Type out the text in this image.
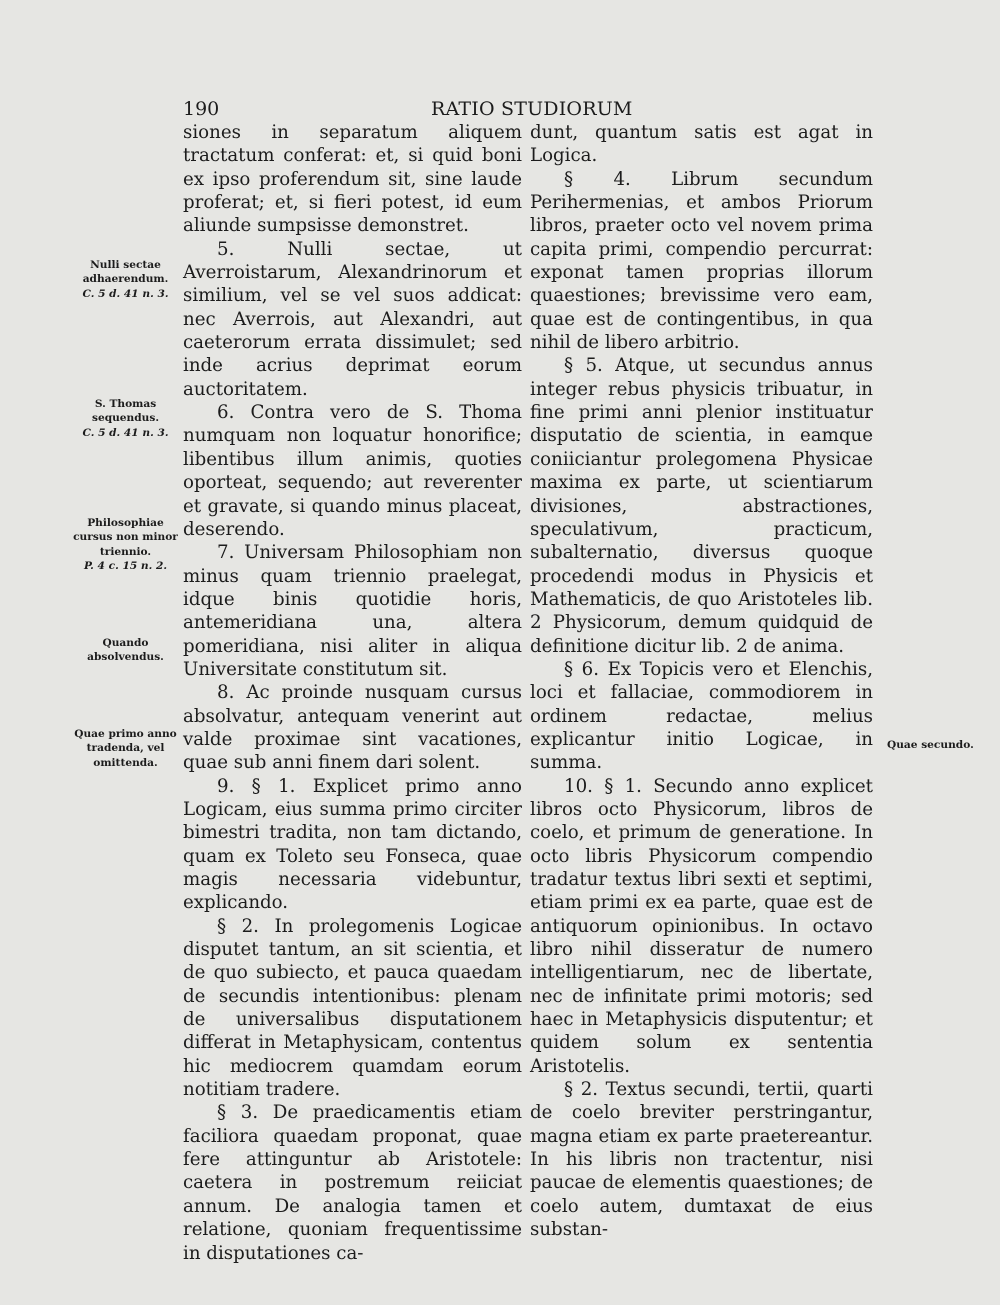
190	RATIO STUDIORUM

siones in separatum aliquem tractatum conferat: et, si quid boni ex ipso proferendum sit, sine laude proferat; et, si fieri potest, id eum aliunde sumpsisse demonstret.

5. Nulli sectae, ut Averroistarum, Alexandrinorum et similium, vel se vel suos addicat: nec Averrois, aut Alexandri, aut caeterorum errata dissimulet; sed inde acrius deprimat eorum auctoritatem.

6. Contra vero de S. Thoma numquam non loquatur honorifice; libentibus illum animis, quoties oporteat, sequendo; aut reverenter et gravate, si quando minus placeat, deserendo.

7. Universam Philosophiam non minus quam triennio praelegat, idque binis quotidie horis, antemeridiana una, altera pomeridiana, nisi aliter in aliqua Universitate constitutum sit.

8. Ac proinde nusquam cursus absolvatur, antequam venerint aut valde proximae sint vacationes, quae sub anni finem dari solent.

9. § 1. Explicet primo anno Logicam, eius summa primo circiter bimestri tradita, non tam dictando, quam ex Toleto seu Fonseca, quae magis necessaria videbuntur, explicando.

§ 2. In prolegomenis Logicae disputet tantum, an sit scientia, et de quo subiecto, et pauca quaedam de secundis intentionibus: plenam de universalibus disputationem differat in Metaphysicam, contentus hic mediocrem quamdam eorum notitiam tradere.

§ 3. De praedicamentis etiam faciliora quaedam proponat, quae fere attinguntur ab Aristotele: caetera in postremum reiiciat annum. De analogia tamen et relatione, quoniam frequentissime in disputationes ca-

dunt, quantum satis est agat in Logica.

§ 4. Librum secundum Perihermenias, et ambos Priorum libros, praeter octo vel novem prima capita primi, compendio percurrat: exponat tamen proprias illorum quaestiones; brevissime vero eam, quae est de contingentibus, in qua nihil de libero arbitrio.

§ 5. Atque, ut secundus annus integer rebus physicis tribuatur, in fine primi anni plenior instituatur disputatio de scientia, in eamque coniiciantur prolegomena Physicae maxima ex parte, ut scientiarum divisiones, abstractiones, speculativum, practicum, subalternatio, diversus quoque procedendi modus in Physicis et Mathematicis, de quo Aristoteles lib. 2 Physicorum, demum quidquid de definitione dicitur lib. 2 de anima.

§ 6. Ex Topicis vero et Elenchis, loci et fallaciae, commodiorem in ordinem redactae, melius explicantur initio Logicae, in summa.

10. § 1. Secundo anno explicet libros octo Physicorum, libros de coelo, et primum de generatione. In octo libris Physicorum compendio tradatur textus libri sexti et septimi, etiam primi ex ea parte, quae est de antiquorum opinionibus. In octavo libro nihil disseratur de numero intelligentiarum, nec de libertate, nec de infinitate primi motoris; sed haec in Metaphysicis disputentur; et quidem solum ex sententia Aristotelis.

§ 2. Textus secundi, tertii, quarti de coelo breviter perstringantur, magna etiam ex parte praetereantur. In his libris non tractentur, nisi paucae de elementis quaestiones; de coelo autem, dumtaxat de eius substan-

Nulli sectae adhaerendum.
C. 5 d. 41 n. 3.
S. Thomas sequendus.
C. 5 d. 41 n. 3.
Philosophiae cursus non minor triennio.
P. 4 c. 15 n. 2.
Quando absolvendus.
Quae primo anno tradenda, vel omittenda.
Quae secundo.
